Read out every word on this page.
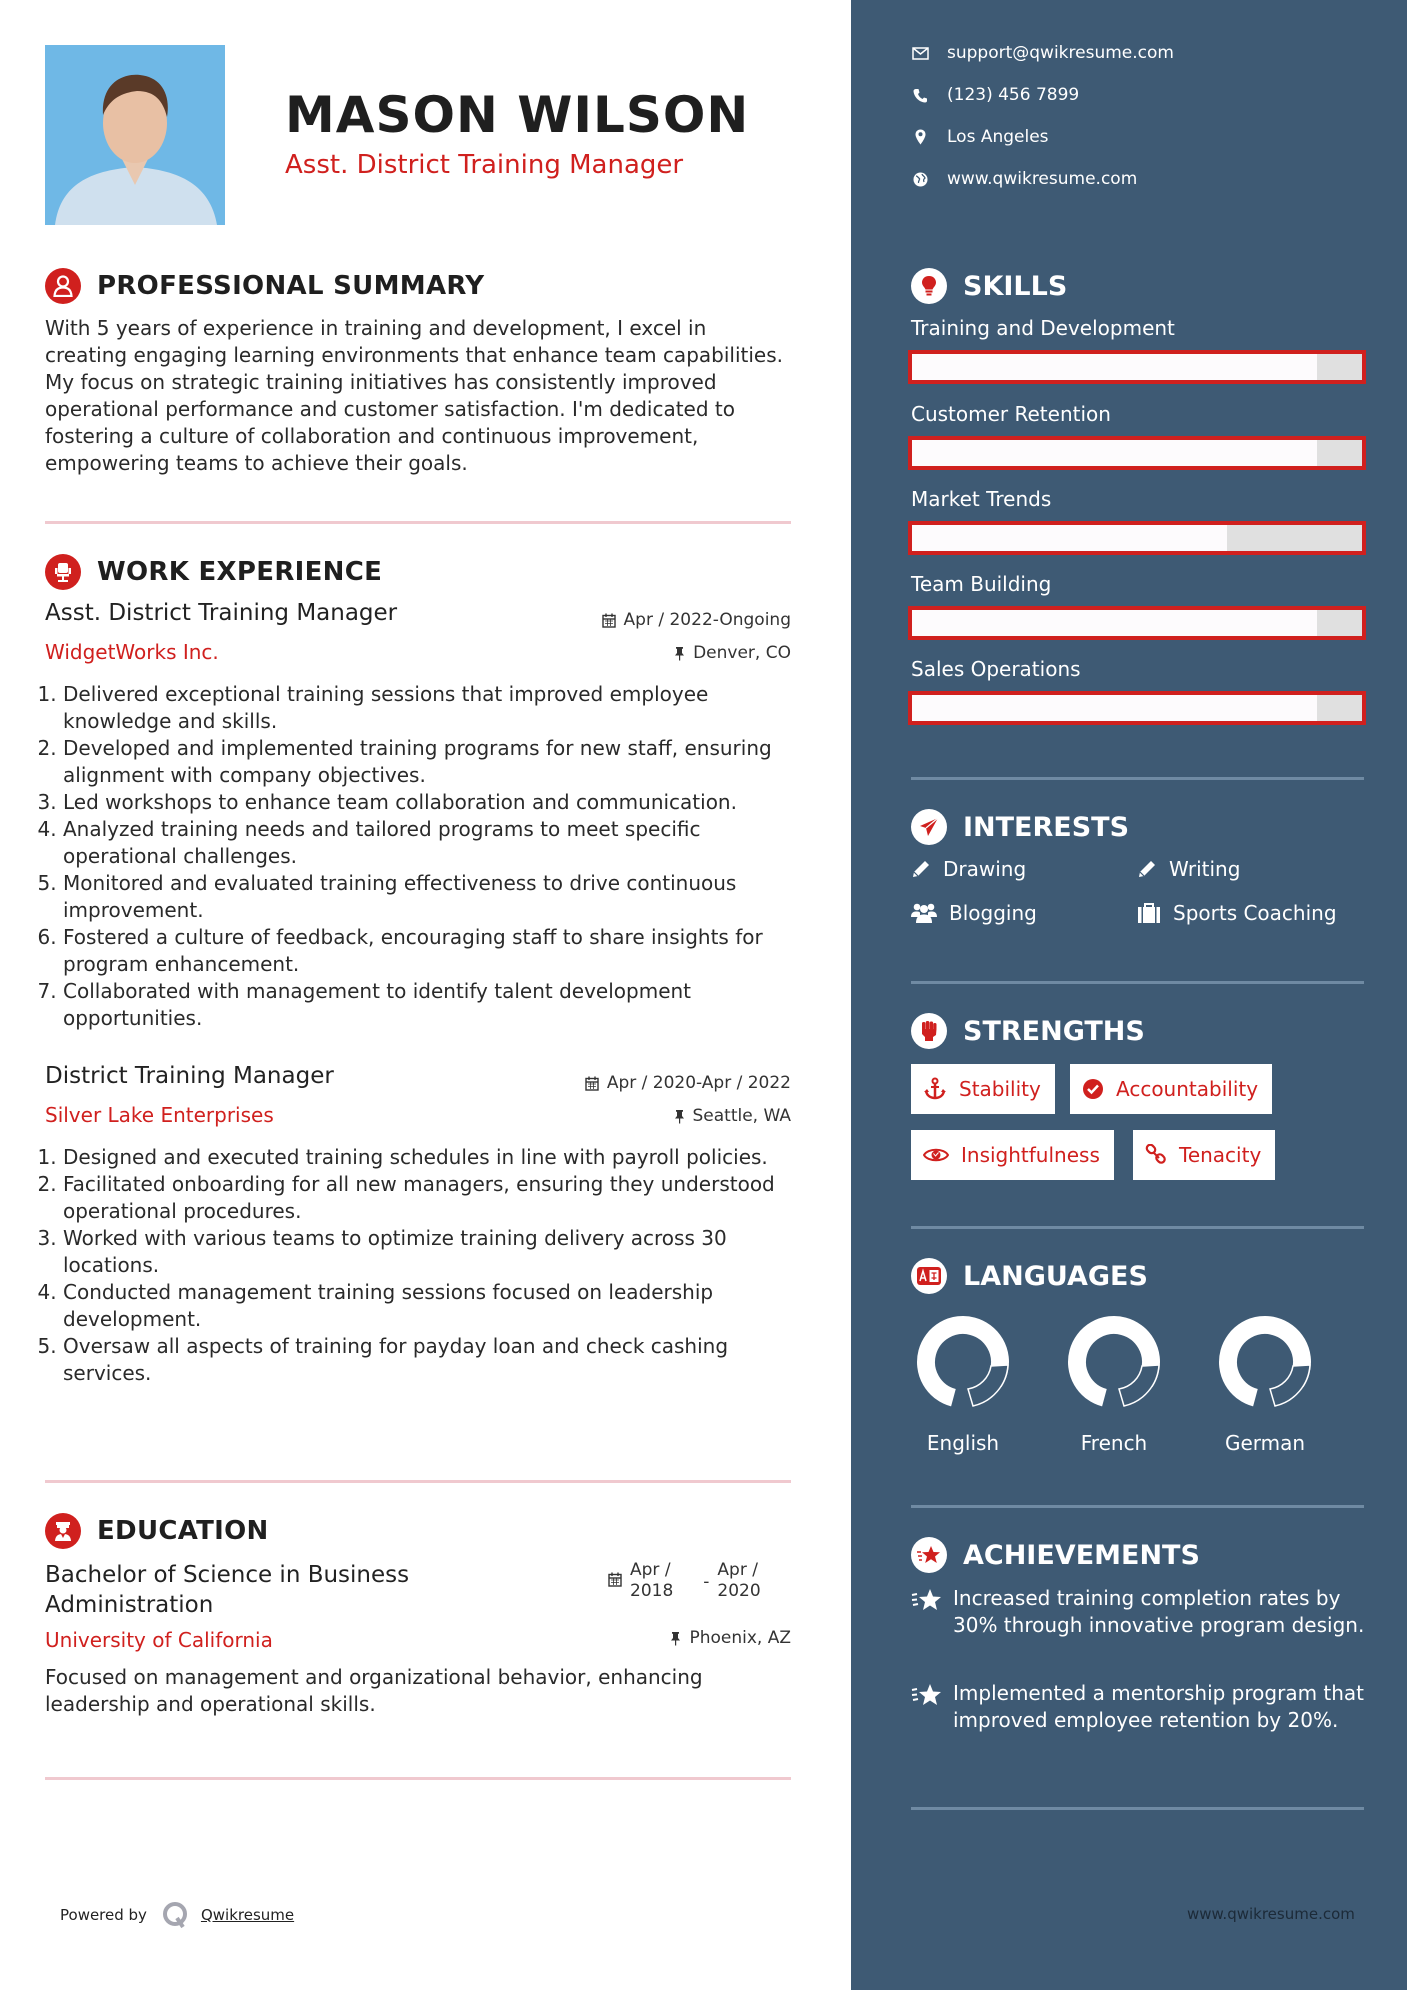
MASON WILSON
Asst. District Training Manager
PROFESSIONAL SUMMARY
With 5 years of experience in training and development, I excel in creating engaging learning environments that enhance team capabilities. My focus on strategic training initiatives has consistently improved operational performance and customer satisfaction. I'm dedicated to fostering a culture of collaboration and continuous improvement, empowering teams to achieve their goals.
WORK EXPERIENCE
Asst. District Training Manager	Apr / 2022-Ongoing
WidgetWorks Inc.	Denver, CO
1. Delivered exceptional training sessions that improved employee knowledge and skills.
2. Developed and implemented training programs for new staff, ensuring alignment with company objectives.
3. Led workshops to enhance team collaboration and communication.
4. Analyzed training needs and tailored programs to meet specific operational challenges.
5. Monitored and evaluated training effectiveness to drive continuous improvement.
6. Fostered a culture of feedback, encouraging staff to share insights for program enhancement.
7. Collaborated with management to identify talent development opportunities.
District Training Manager	Apr / 2020-Apr / 2022
Silver Lake Enterprises	Seattle, WA
1. Designed and executed training schedules in line with payroll policies.
2. Facilitated onboarding for all new managers, ensuring they understood operational procedures.
3. Worked with various teams to optimize training delivery across 30 locations.
4. Conducted management training sessions focused on leadership development.
5. Oversaw all aspects of training for payday loan and check cashing services.
EDUCATION
Bachelor of Science in Business Administration
Apr /
2018 -
Apr /
2020
University of California	Phoenix, AZ
Focused on management and organizational behavior, enhancing leadership and operational skills.
Powered by	Qwikresume
support@qwikresume.com
(123) 456 7899
Los Angeles
www.qwikresume.com
SKILLS
Training and Development
Customer Retention
Market Trends
Team Building
Sales Operations
INTERESTS
Drawing	Writing
Blogging	Sports Coaching
STRENGTHS
Stability	Accountability
Insightfulness	Tenacity
LANGUAGES
English	French	German
ACHIEVEMENTS
Increased training completion rates by 30% through innovative program design.
Implemented a mentorship program that improved employee retention by 20%.
www.qwikresume.com
